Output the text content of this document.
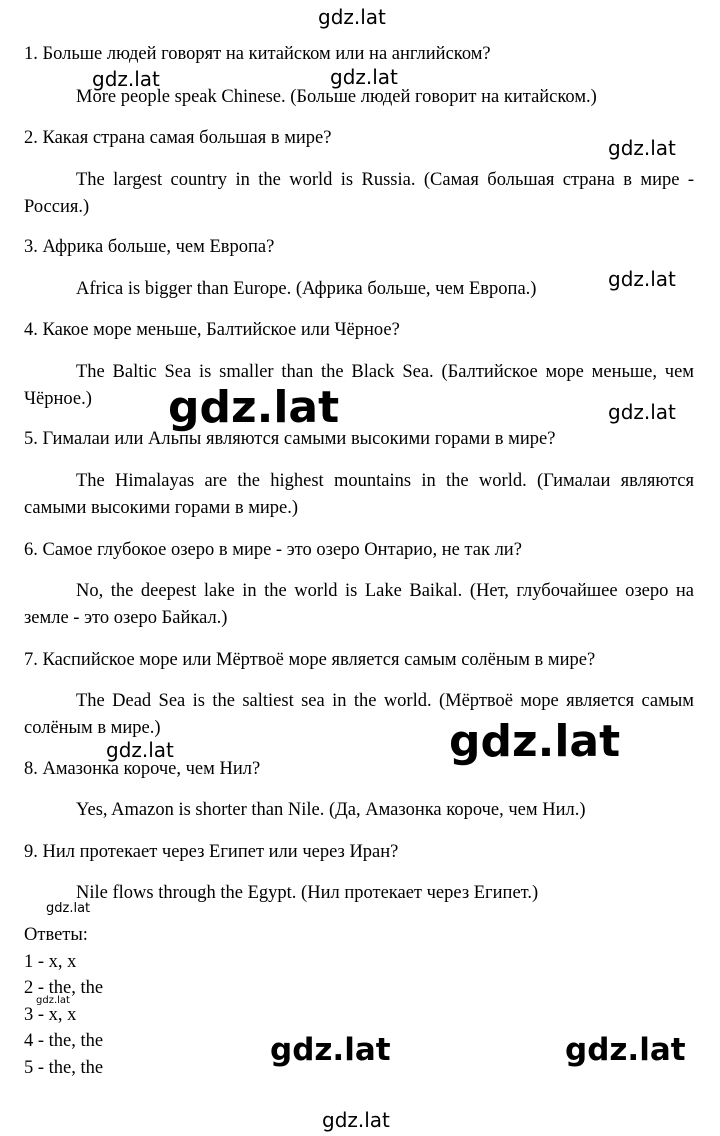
1. Больше людей говорят на китайском или на английском?
More people speak Chinese. (Больше людей говорит на китайском.)
2. Какая страна самая большая в мире?
The largest country in the world is Russia. (Самая большая страна в мире - Россия.)
3. Африка больше, чем Европа?
Africa is bigger than Europe. (Африка больше, чем Европа.)
4. Какое море меньше, Балтийское или Чёрное?
The Baltic Sea is smaller than the Black Sea. (Балтийское море меньше, чем Чёрное.)
5. Гималаи или Альпы являются самыми высокими горами в мире?
The Himalayas are the highest mountains in the world. (Гималаи являются самыми высокими горами в мире.)
6. Самое глубокое озеро в мире - это озеро Онтарио, не так ли?
No, the deepest lake in the world is Lake Baikal. (Нет, глубочайшее озеро на земле - это озеро Байкал.)
7. Каспийское море или Мёртвоё море является самым солёным в мире?
The Dead Sea is the saltiest sea in the world. (Мёртвоё море является самым солёным в мире.)
8. Амазонка короче, чем Нил?
Yes, Amazon is shorter than Nile. (Да, Амазонка короче, чем Нил.)
9. Нил протекает через Египет или через Иран?
Nile flows through the Egypt. (Нил протекает через Египет.)
Ответы:
1 - x, x
2 - the, the
3 - x, x
4 - the, the
5 - the, the
gdz.lat
gdz.lat	gdz.lat
gdz.lat
gdz.lat
gdz.lat	gdz.lat
gdz.lat
gdz.lat
gdz.lat
gdz.lat
gdz.lat	gdz.lat
gdz.lat
